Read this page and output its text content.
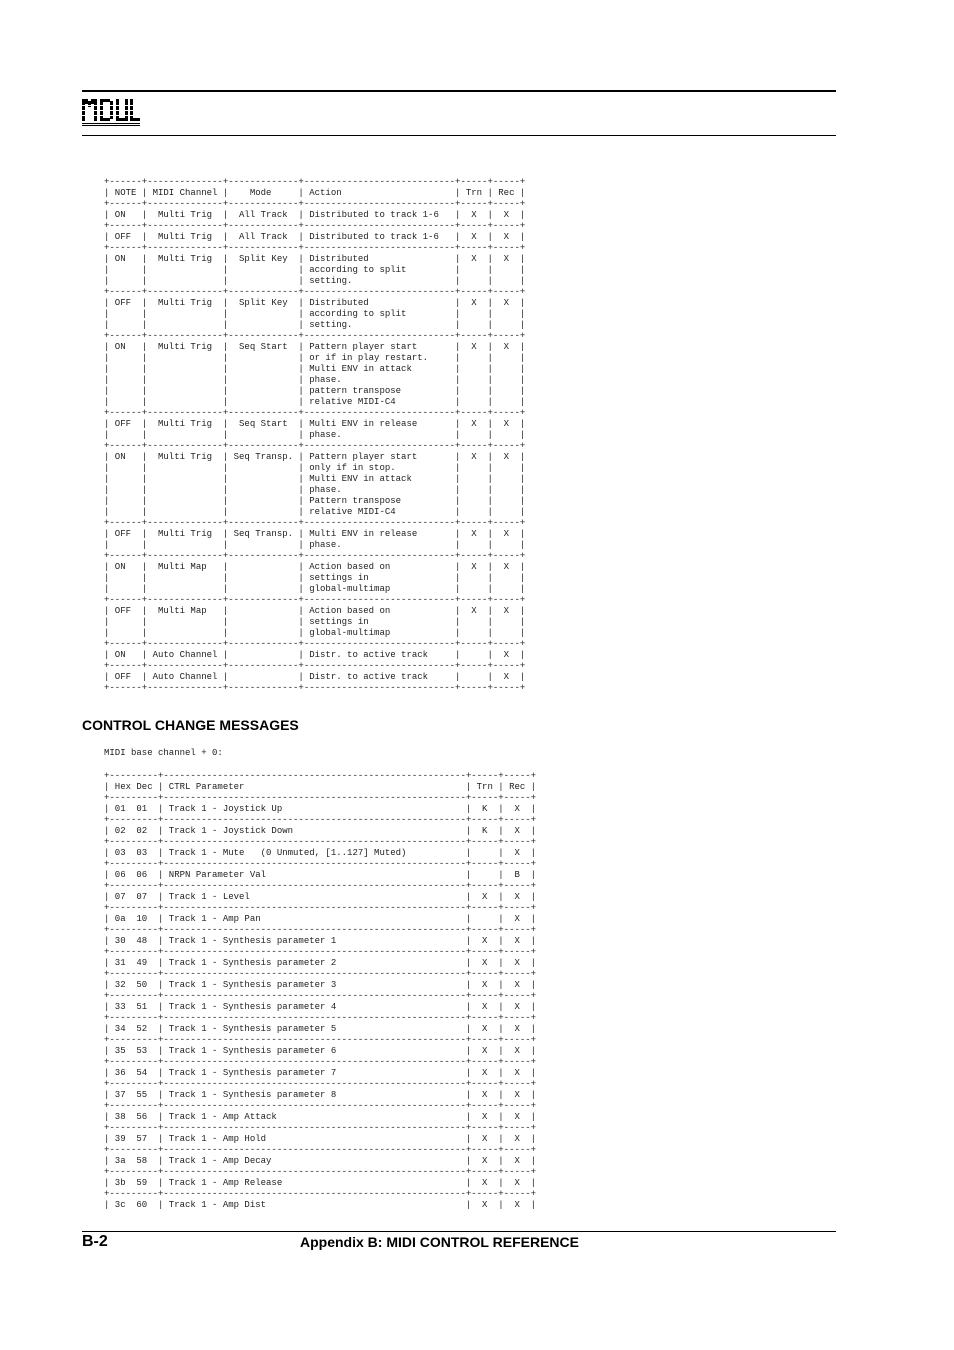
+------+--------------+-------------+----------------------------+-----+-----+
| NOTE | MIDI Channel |    Mode     | Action                     | Trn | Rec |
+------+--------------+-------------+----------------------------+-----+-----+
| ON   |  Multi Trig  |  All Track  | Distributed to track 1-6   |  X  |  X  |
+------+--------------+-------------+----------------------------+-----+-----+
| OFF  |  Multi Trig  |  All Track  | Distributed to track 1-6   |  X  |  X  |
+------+--------------+-------------+----------------------------+-----+-----+
| ON   |  Multi Trig  |  Split Key  | Distributed                |  X  |  X  |
|      |              |             | according to split         |     |     |
|      |              |             | setting.                   |     |     |
+------+--------------+-------------+----------------------------+-----+-----+
| OFF  |  Multi Trig  |  Split Key  | Distributed                |  X  |  X  |
|      |              |             | according to split         |     |     |
|      |              |             | setting.                   |     |     |
+------+--------------+-------------+----------------------------+-----+-----+
| ON   |  Multi Trig  |  Seq Start  | Pattern player start       |  X  |  X  |
|      |              |             | or if in play restart.     |     |     |
|      |              |             | Multi ENV in attack        |     |     |
|      |              |             | phase.                     |     |     |
|      |              |             | pattern transpose          |     |     |
|      |              |             | relative MIDI-C4           |     |     |
+------+--------------+-------------+----------------------------+-----+-----+
| OFF  |  Multi Trig  |  Seq Start  | Multi ENV in release       |  X  |  X  |
|      |              |             | phase.                     |     |     |
+------+--------------+-------------+----------------------------+-----+-----+
| ON   |  Multi Trig  | Seq Transp. | Pattern player start       |  X  |  X  |
|      |              |             | only if in stop.           |     |     |
|      |              |             | Multi ENV in attack        |     |     |
|      |              |             | phase.                     |     |     |
|      |              |             | Pattern transpose          |     |     |
|      |              |             | relative MIDI-C4           |     |     |
+------+--------------+-------------+----------------------------+-----+-----+
| OFF  |  Multi Trig  | Seq Transp. | Multi ENV in release       |  X  |  X  |
|      |              |             | phase.                     |     |     |
+------+--------------+-------------+----------------------------+-----+-----+
| ON   |  Multi Map   |             | Action based on            |  X  |  X  |
|      |              |             | settings in                |     |     |
|      |              |             | global-multimap            |     |     |
+------+--------------+-------------+----------------------------+-----+-----+
| OFF  |  Multi Map   |             | Action based on            |  X  |  X  |
|      |              |             | settings in                |     |     |
|      |              |             | global-multimap            |     |     |
+------+--------------+-------------+----------------------------+-----+-----+
| ON   | Auto Channel |             | Distr. to active track     |     |  X  |
+------+--------------+-------------+----------------------------+-----+-----+
| OFF  | Auto Channel |             | Distr. to active track     |     |  X  |
+------+--------------+-------------+----------------------------+-----+-----+
CONTROL CHANGE MESSAGES
MIDI base channel + 0:
+---------+--------------------------------------------------------+-----+-----+
| Hex Dec | CTRL Parameter                                         | Trn | Rec |
+---------+--------------------------------------------------------+-----+-----+
| 01  01  | Track 1 - Joystick Up                                  |  K  |  X  |
+---------+--------------------------------------------------------+-----+-----+
| 02  02  | Track 1 - Joystick Down                                |  K  |  X  |
+---------+--------------------------------------------------------+-----+-----+
| 03  03  | Track 1 - Mute   (0 Unmuted, [1..127] Muted)           |     |  X  |
+---------+--------------------------------------------------------+-----+-----+
| 06  06  | NRPN Parameter Val                                     |     |  B  |
+---------+--------------------------------------------------------+-----+-----+
| 07  07  | Track 1 - Level                                        |  X  |  X  |
+---------+--------------------------------------------------------+-----+-----+
| 0a  10  | Track 1 - Amp Pan                                      |     |  X  |
+---------+--------------------------------------------------------+-----+-----+
| 30  48  | Track 1 - Synthesis parameter 1                        |  X  |  X  |
+---------+--------------------------------------------------------+-----+-----+
| 31  49  | Track 1 - Synthesis parameter 2                        |  X  |  X  |
+---------+--------------------------------------------------------+-----+-----+
| 32  50  | Track 1 - Synthesis parameter 3                        |  X  |  X  |
+---------+--------------------------------------------------------+-----+-----+
| 33  51  | Track 1 - Synthesis parameter 4                        |  X  |  X  |
+---------+--------------------------------------------------------+-----+-----+
| 34  52  | Track 1 - Synthesis parameter 5                        |  X  |  X  |
+---------+--------------------------------------------------------+-----+-----+
| 35  53  | Track 1 - Synthesis parameter 6                        |  X  |  X  |
+---------+--------------------------------------------------------+-----+-----+
| 36  54  | Track 1 - Synthesis parameter 7                        |  X  |  X  |
+---------+--------------------------------------------------------+-----+-----+
| 37  55  | Track 1 - Synthesis parameter 8                        |  X  |  X  |
+---------+--------------------------------------------------------+-----+-----+
| 38  56  | Track 1 - Amp Attack                                   |  X  |  X  |
+---------+--------------------------------------------------------+-----+-----+
| 39  57  | Track 1 - Amp Hold                                     |  X  |  X  |
+---------+--------------------------------------------------------+-----+-----+
| 3a  58  | Track 1 - Amp Decay                                    |  X  |  X  |
+---------+--------------------------------------------------------+-----+-----+
| 3b  59  | Track 1 - Amp Release                                  |  X  |  X  |
+---------+--------------------------------------------------------+-----+-----+
| 3c  60  | Track 1 - Amp Dist                                     |  X  |  X  |
B-2	Appendix B: MIDI CONTROL REFERENCE
